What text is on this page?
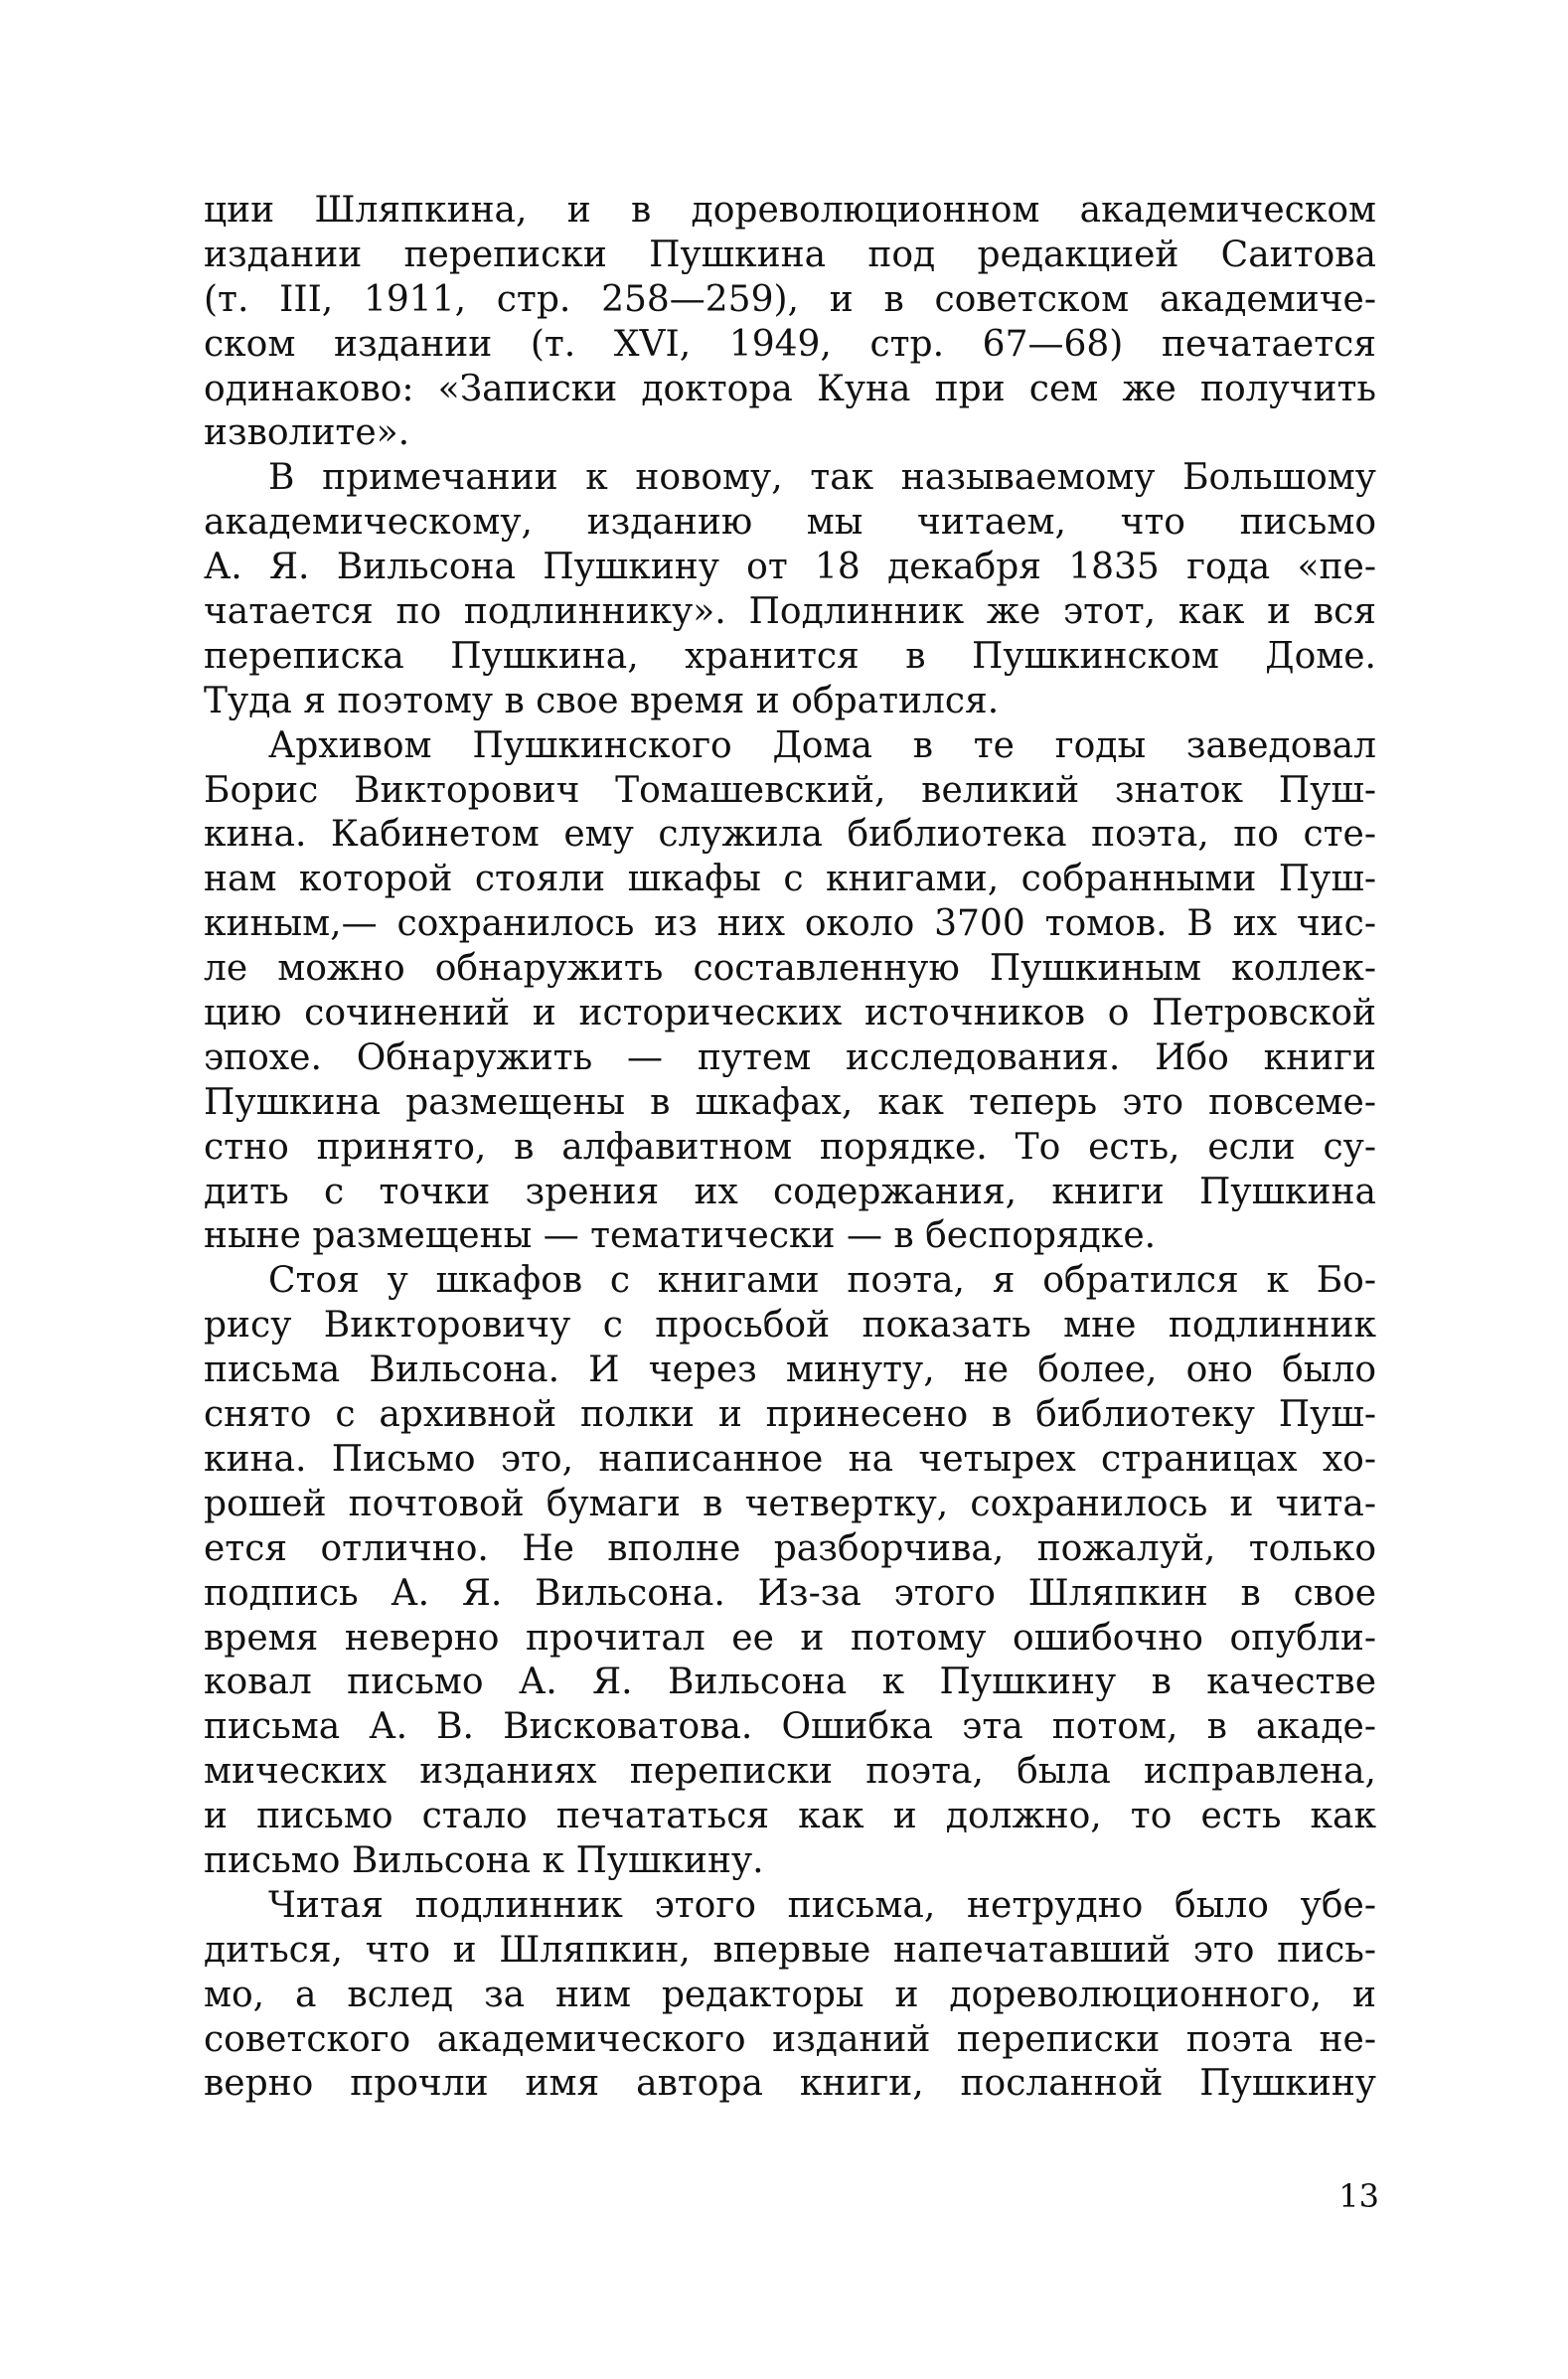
ции Шляпкина, и в дореволюционном академическом
издании переписки Пушкина под редакцией Саитова
(т. III, 1911, стр. 258—259), и в советском академиче-
ском издании (т. XVI, 1949, стр. 67—68) печатается
одинаково: «Записки доктора Куна при сем же получить
изволите».
В примечании к новому, так называемому Большому
академическому, изданию мы читаем, что письмо
А. Я. Вильсона Пушкину от 18 декабря 1835 года «пе-
чатается по подлиннику». Подлинник же этот, как и вся
переписка Пушкина, хранится в Пушкинском Доме.
Туда я поэтому в свое время и обратился.
Архивом Пушкинского Дома в те годы заведовал
Борис Викторович Томашевский, великий знаток Пуш-
кина. Кабинетом ему служила библиотека поэта, по сте-
нам которой стояли шкафы с книгами, собранными Пуш-
киным,— сохранилось из них около 3700 томов. В их чис-
ле можно обнаружить составленную Пушкиным коллек-
цию сочинений и исторических источников о Петровской
эпохе. Обнаружить — путем исследования. Ибо книги
Пушкина размещены в шкафах, как теперь это повсеме-
стно принято, в алфавитном порядке. То есть, если су-
дить с точки зрения их содержания, книги Пушкина
ныне размещены — тематически — в беспорядке.
Стоя у шкафов с книгами поэта, я обратился к Бо-
рису Викторовичу с просьбой показать мне подлинник
письма Вильсона. И через минуту, не более, оно было
снято с архивной полки и принесено в библиотеку Пуш-
кина. Письмо это, написанное на четырех страницах хо-
рошей почтовой бумаги в четвертку, сохранилось и чита-
ется отлично. Не вполне разборчива, пожалуй, только
подпись А. Я. Вильсона. Из-за этого Шляпкин в свое
время неверно прочитал ее и потому ошибочно опубли-
ковал письмо А. Я. Вильсона к Пушкину в качестве
письма А. В. Висковатова. Ошибка эта потом, в акаде-
мических изданиях переписки поэта, была исправлена,
и письмо стало печататься как и должно, то есть как
письмо Вильсона к Пушкину.
Читая подлинник этого письма, нетрудно было убе-
диться, что и Шляпкин, впервые напечатавший это пись-
мо, а вслед за ним редакторы и дореволюционного, и
советского академического изданий переписки поэта не-
верно прочли имя автора книги, посланной Пушкину
13
